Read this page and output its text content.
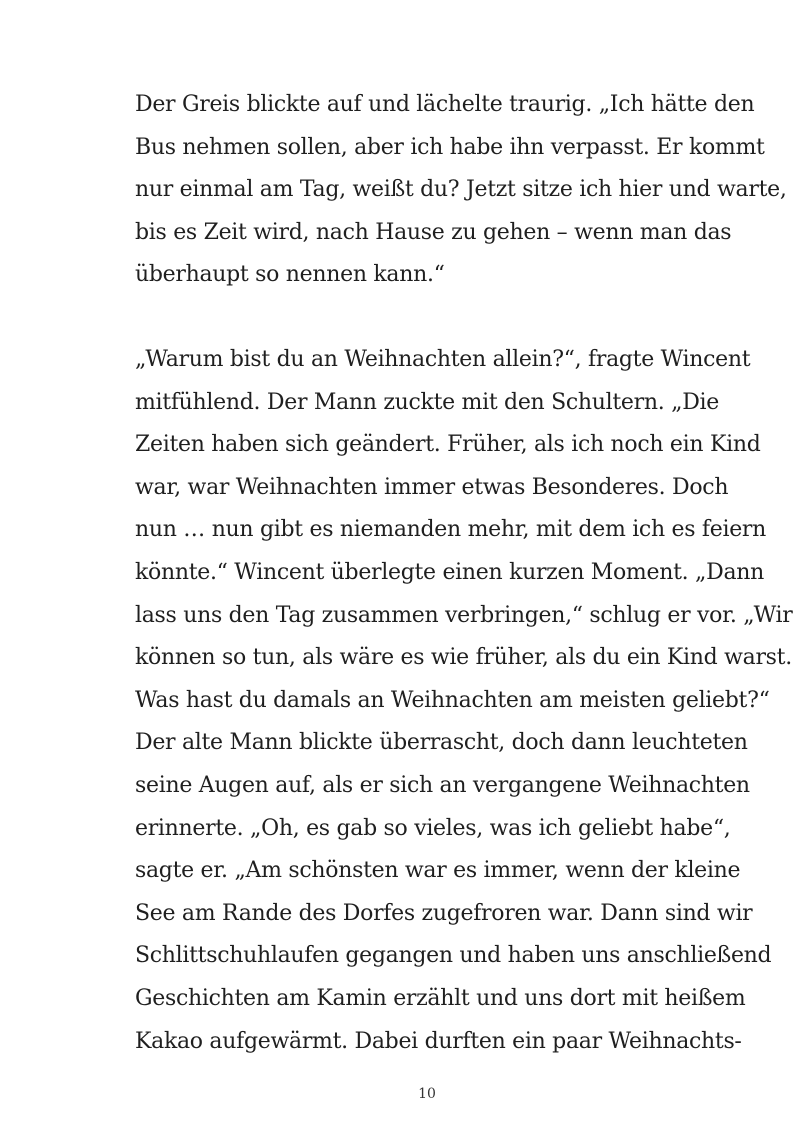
Der Greis blickte auf und lächelte traurig. „Ich hätte den
Bus nehmen sollen, aber ich habe ihn verpasst. Er kommt
nur einmal am Tag, weißt du? Jetzt sitze ich hier und warte,
bis es Zeit wird, nach Hause zu gehen – wenn man das
überhaupt so nennen kann.“
„Warum bist du an Weihnachten allein?“, fragte Wincent
mitfühlend. Der Mann zuckte mit den Schultern. „Die
Zeiten haben sich geändert. Früher, als ich noch ein Kind
war, war Weihnachten immer etwas Besonderes. Doch
nun … nun gibt es niemanden mehr, mit dem ich es feiern
könnte.“ Wincent überlegte einen kurzen Moment. „Dann
lass uns den Tag zusammen verbringen,“ schlug er vor. „Wir
können so tun, als wäre es wie früher, als du ein Kind warst.
Was hast du damals an Weihnachten am meisten geliebt?“
Der alte Mann blickte überrascht, doch dann leuchteten
seine Augen auf, als er sich an vergangene Weihnachten
erinnerte. „Oh, es gab so vieles, was ich geliebt habe“,
sagte er. „Am schönsten war es immer, wenn der kleine
See am Rande des Dorfes zugefroren war. Dann sind wir
Schlittschuhlaufen gegangen und haben uns anschließend
Geschichten am Kamin erzählt und uns dort mit heißem
Kakao aufgewärmt. Dabei durften ein paar Weihnachts-
10
